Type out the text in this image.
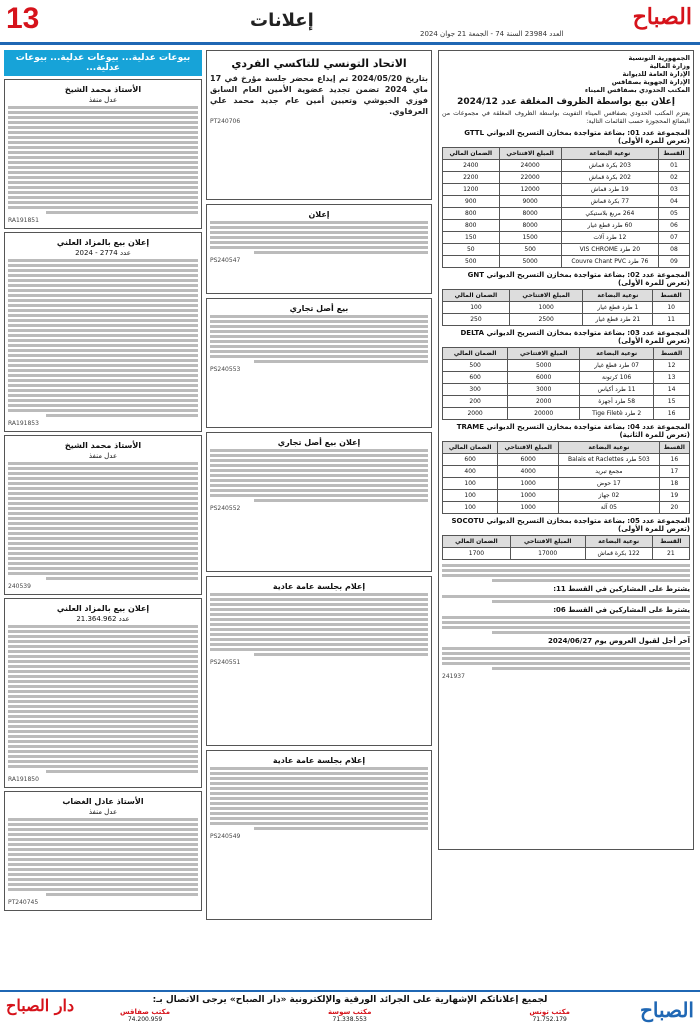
13	إعلانات
العدد 23984 السنة 74 - الجمعة 21 جوان 2024
الصباح
الجمهورية التونسية
وزارة المالية
الإدارة العامة للديوانة
الإدارة الجهوية بصفاقس
المكتب الحدودي بصفاقس الميناء
إعلان بيع بواسطة الظروف المغلقة عدد 2024/12
يعتزم المكتب الحدودي بصفاقس الميناء التفويت بواسطة الظروف المغلقة في مجموعات من البضائع المحجوزة حسب القائمات التالية:
المجموعة عدد 01: بضاعة متواجدة بمخازن التسريح الديواني GTTL (تعرض للمرة الأولى)
القسط	نوعية البضاعة	المبلغ الافتتاحي	الضمان المالي
01	203 بكرة قماش	24000	2400
02	202 بكرة قماش	22000	2200
03	19 طرد قماش	12000	1200
04	77 بكرة قماش	9000	900
05	264 مربع بلاستيكي	8000	800
06	60 طرد قطع غيار	8000	800
07	12 طرد آلات	1500	150
08	20 طرد VIS CHROME	500	50
09	76 طرد Couvre Chant PVC	5000	500
المجموعة عدد 02: بضاعة متواجدة بمخازن التسريح الديواني GNT (تعرض للمرة الأولى)
القسط	نوعية البضاعة	المبلغ الافتتاحي	الضمان المالي
10	1 طرد قطع غيار	1000	100
11	21 طرد قطع غيار	2500	250
المجموعة عدد 03: بضاعة متواجدة بمخازن التسريح الديواني DELTA (تعرض للمرة الأولى)
القسط	نوعية البضاعة	المبلغ الافتتاحي	الضمان المالي
12	07 طرد قطع غيار	5000	500
13	106 كرتونة	6000	600
14	11 طرد أكياس	3000	300
15	58 طرد أجهزة	2000	200
16	2 طرد Tige Filetè	20000	2000
المجموعة عدد 04: بضاعة متواجدة بمخازن التسريح الديواني TRAME (تعرض للمرة الثانية)
القسط	نوعية البضاعة	المبلغ الافتتاحي	الضمان المالي
16	503 طرد Balais et Raclettes	6000	600
17	مجمع تبريد	4000	400
18	17 حوض	1000	100
19	02 جهاز	1000	100
20	05 آلة	1000	100
المجموعة عدد 05: بضاعة متواجدة بمخازن التسريح الديواني SOCOTU (تعرض للمرة الأولى)
القسط	نوعية البضاعة	المبلغ الافتتاحي	الضمان المالي
21	122 بكرة قماش	17000	1700
يشترط على المشاركين في القسط 11:
يشترط على المشاركين في القسط 06:
آخر أجل لقبول العروض يوم 2024/06/27
241937
الاتحاد التونسي للتاكسي الفردي
بتاريخ 2024/05/20 تم إيداع محضر جلسة مؤرخ في 17 ماي 2024 تضمن تجديد عضوية الأمين العام السابق فوزي الخبوشي وتعيين أمين عام جديد محمد علي العرفاوي.
PT240706
إعلان
PS240547
بيع أصل تجاري
PS240553
إعلان بيع أصل تجاري
PS240552
إعلام بجلسة عامة عادية
PS240551
إعلام بجلسة عامة عادية
PS240549
بيوعات عدلية... بيوعات عدلية... بيوعات عدلية...
الأستاذ محمد الشيخ
عدل منفذ
RA191851
إعلان بيع بالمزاد العلني
عدد 2774 - 2024
RA191853
الأستاذ محمد الشيخ
عدل منفذ
240539
إعلان بيع بالمزاد العلني
عدد 21.364.962
RA191850
الأستاذ عادل الغضاب
عدل منفذ
PT240745
دار الصباح	لجميع إعلاناتكم الإشهارية على الجرائد الورقية والإلكترونية «دار الصباح» يرجى الاتصال بـ:
مكتب تونس
71.752.179
مكتب سوسة
71.338.553
مكتب صفاقس
74.200.959	الصباح
